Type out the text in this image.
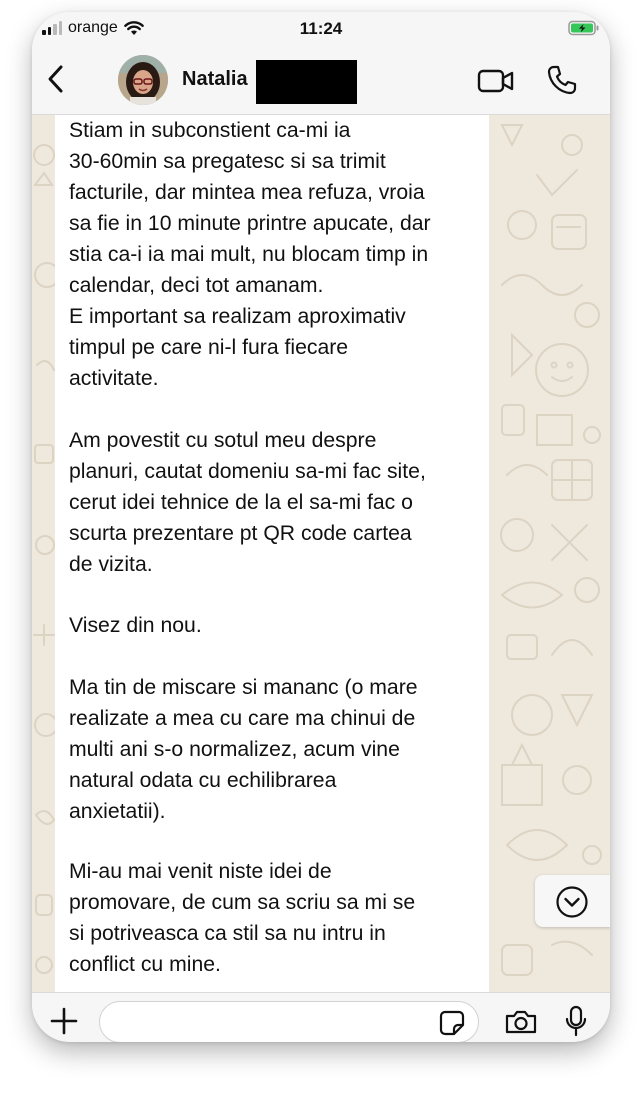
orange	11:24
Natalia

Stiam in subconstient ca-mi ia
30-60min sa pregatesc si sa trimit
facturile, dar mintea mea refuza, vroia
sa fie in 10 minute printre apucate, dar
stia ca-i ia mai mult, nu blocam timp in
calendar, deci tot amanam.
E important sa realizam aproximativ
timpul pe care ni-l fura fiecare
activitate.

Am povestit cu sotul meu despre
planuri, cautat domeniu sa-mi fac site,
cerut idei tehnice de la el sa-mi fac o
scurta prezentare pt QR code cartea
de vizita.

Visez din nou.

Ma tin de miscare si mananc (o mare
realizate a mea cu care ma chinui de
multi ani s-o normalizez, acum vine
natural odata cu echilibrarea
anxietatii).

Mi-au mai venit niste idei de
promovare, de cum sa scriu sa mi se
si potriveasca ca stil sa nu intru in
conflict cu mine.
